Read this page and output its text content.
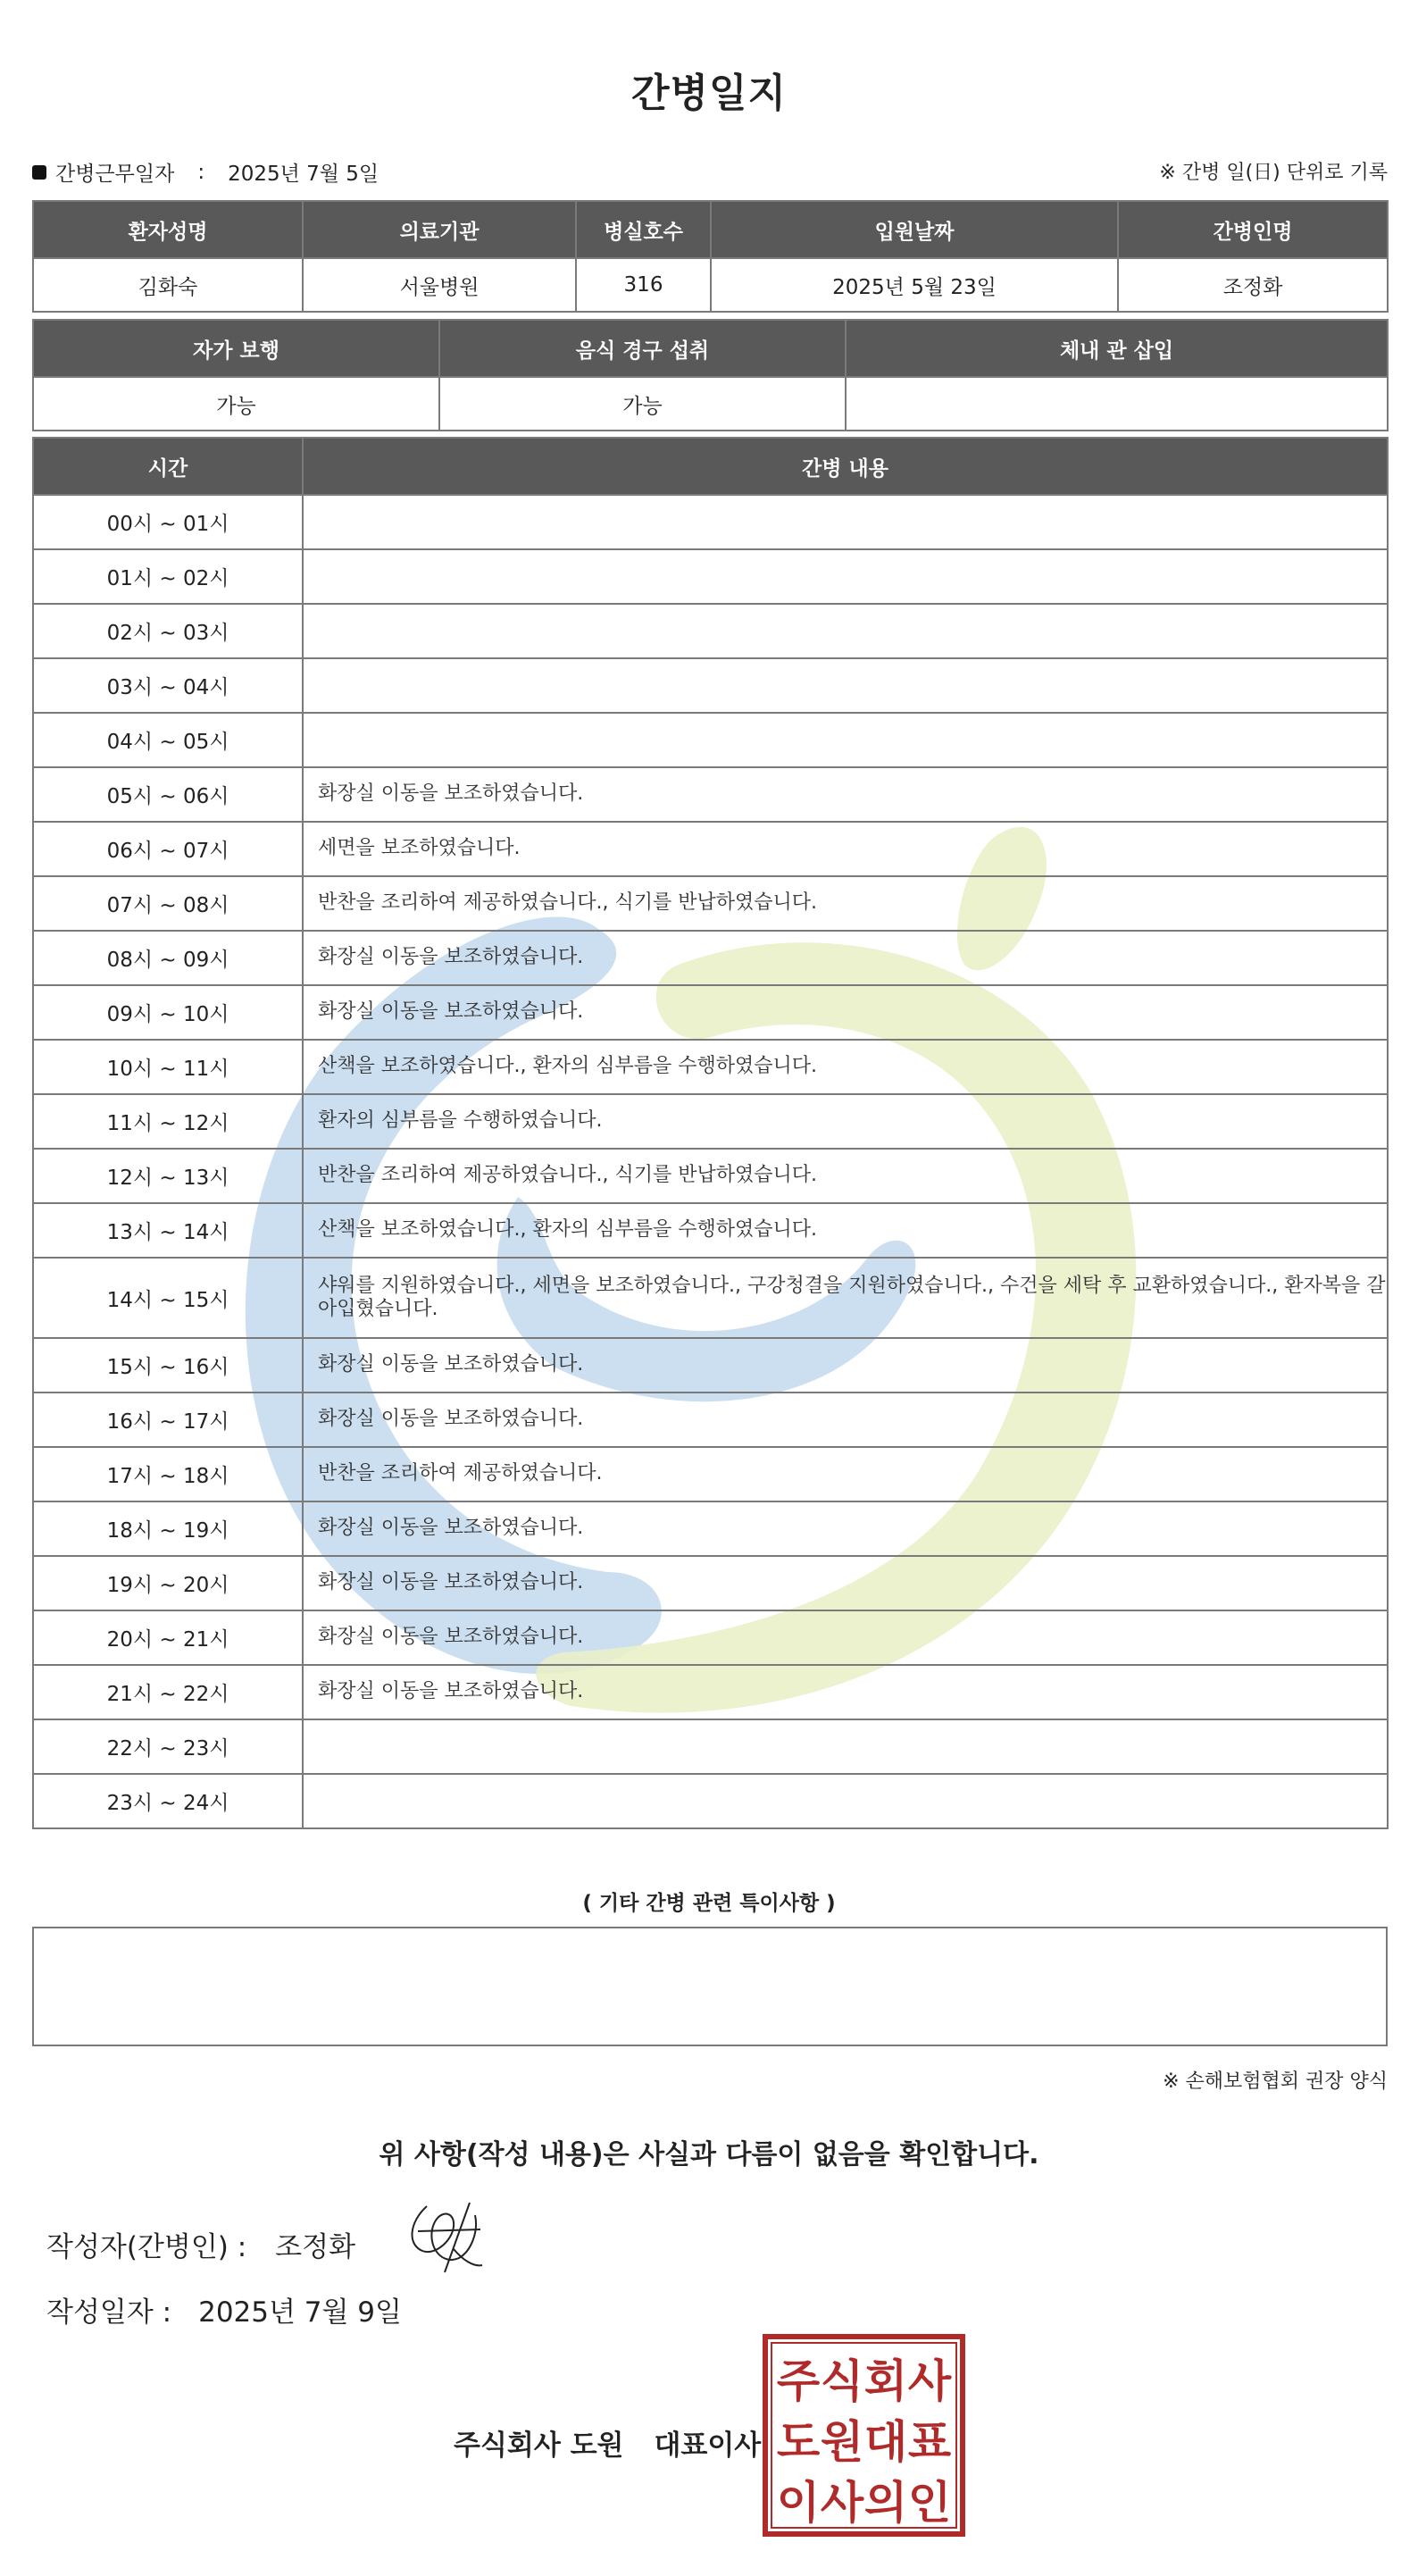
간병일지
간병근무일자 : 2025년 7월 5일	※ 간병 일(日) 단위로 기록
환자성명	의료기관	병실호수	입원날짜	간병인명
김화숙	서울병원	316	2025년 5월 23일	조정화
자가 보행	음식 경구 섭취	체내 관 삽입
가능	가능	
시간	간병 내용
00시 ~ 01시	
01시 ~ 02시	
02시 ~ 03시	
03시 ~ 04시	
04시 ~ 05시	
05시 ~ 06시	화장실 이동을 보조하였습니다.
06시 ~ 07시	세면을 보조하였습니다.
07시 ~ 08시	반찬을 조리하여 제공하였습니다., 식기를 반납하였습니다.
08시 ~ 09시	화장실 이동을 보조하였습니다.
09시 ~ 10시	화장실 이동을 보조하였습니다.
10시 ~ 11시	산책을 보조하였습니다., 환자의 심부름을 수행하였습니다.
11시 ~ 12시	환자의 심부름을 수행하였습니다.
12시 ~ 13시	반찬을 조리하여 제공하였습니다., 식기를 반납하였습니다.
13시 ~ 14시	산책을 보조하였습니다., 환자의 심부름을 수행하였습니다.
14시 ~ 15시	샤워를 지원하였습니다., 세면을 보조하였습니다., 구강청결을 지원하였습니다., 수건을 세탁 후 교환하였습니다., 환자복을 갈아입혔습니다.
15시 ~ 16시	화장실 이동을 보조하였습니다.
16시 ~ 17시	화장실 이동을 보조하였습니다.
17시 ~ 18시	반찬을 조리하여 제공하였습니다.
18시 ~ 19시	화장실 이동을 보조하였습니다.
19시 ~ 20시	화장실 이동을 보조하였습니다.
20시 ~ 21시	화장실 이동을 보조하였습니다.
21시 ~ 22시	화장실 이동을 보조하였습니다.
22시 ~ 23시	
23시 ~ 24시	
( 기타 간병 관련 특이사항 )
※ 손해보험협회 권장 양식
위 사항(작성 내용)은 사실과 다름이 없음을 확인합니다.
작성자(간병인) : 조정화
작성일자 : 2025년 7월 9일
주식회사 도원 대표이사
주 식 회 사
도 원 대 표
이 사 의 인
